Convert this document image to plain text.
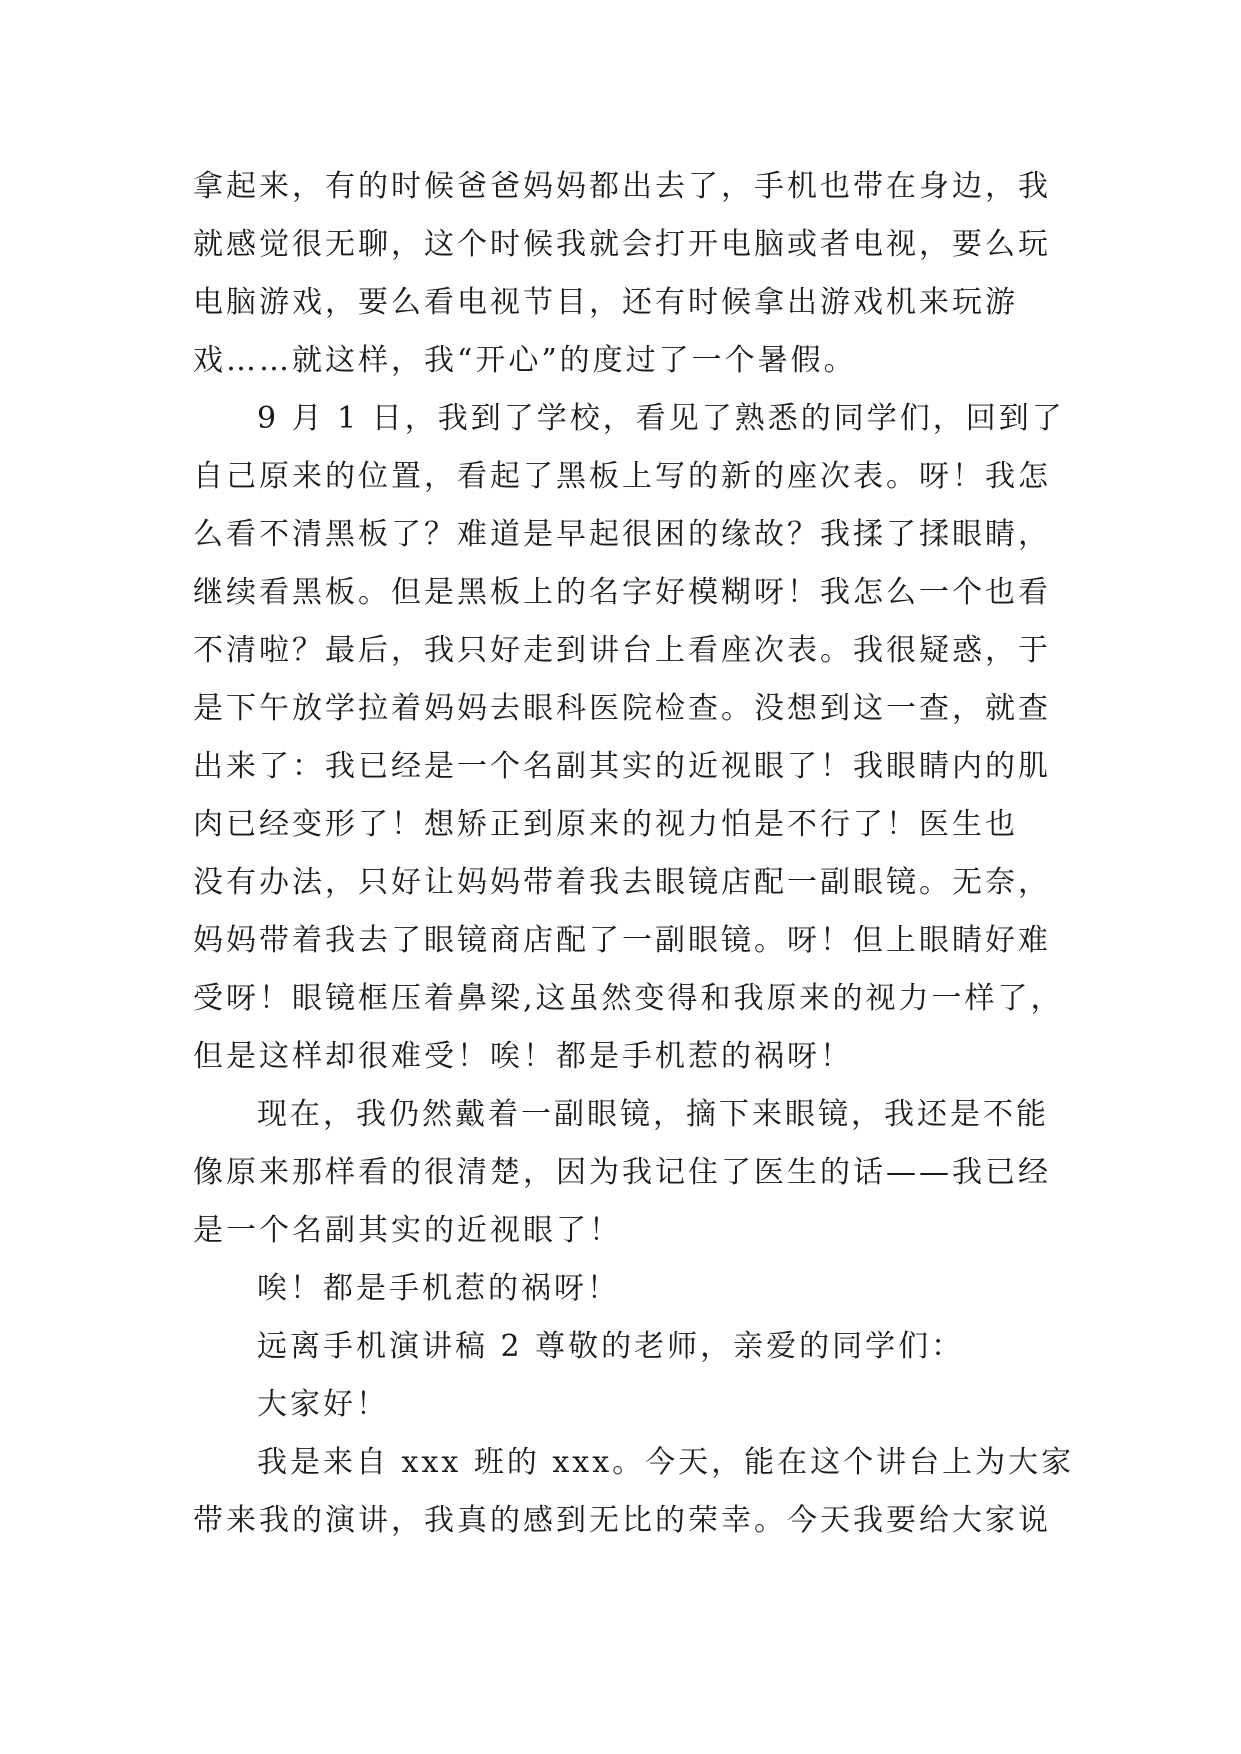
拿起来，有的时候爸爸妈妈都出去了，手机也带在身边，我
就感觉很无聊，这个时候我就会打开电脑或者电视，要么玩
电脑游戏，要么看电视节目，还有时候拿出游戏机来玩游
戏……就这样，我“开心”的度过了一个暑假。
9 月 1 日，我到了学校，看见了熟悉的同学们，回到了
自己原来的位置，看起了黑板上写的新的座次表。呀！我怎
么看不清黑板了？难道是早起很困的缘故？我揉了揉眼睛，
继续看黑板。但是黑板上的名字好模糊呀！我怎么一个也看
不清啦？最后，我只好走到讲台上看座次表。我很疑惑，于
是下午放学拉着妈妈去眼科医院检查。没想到这一查，就查
出来了：我已经是一个名副其实的近视眼了！我眼睛内的肌
肉已经变形了！想矫正到原来的视力怕是不行了！医生也
没有办法，只好让妈妈带着我去眼镜店配一副眼镜。无奈，
妈妈带着我去了眼镜商店配了一副眼镜。呀！但上眼睛好难
受呀！眼镜框压着鼻梁,这虽然变得和我原来的视力一样了，
但是这样却很难受！唉！都是手机惹的祸呀！
现在，我仍然戴着一副眼镜，摘下来眼镜，我还是不能
像原来那样看的很清楚，因为我记住了医生的话——我已经
是一个名副其实的近视眼了！
唉！都是手机惹的祸呀！
远离手机演讲稿 2 尊敬的老师，亲爱的同学们：
大家好！
我是来自 xxx 班的 xxx。今天，能在这个讲台上为大家
带来我的演讲，我真的感到无比的荣幸。今天我要给大家说
